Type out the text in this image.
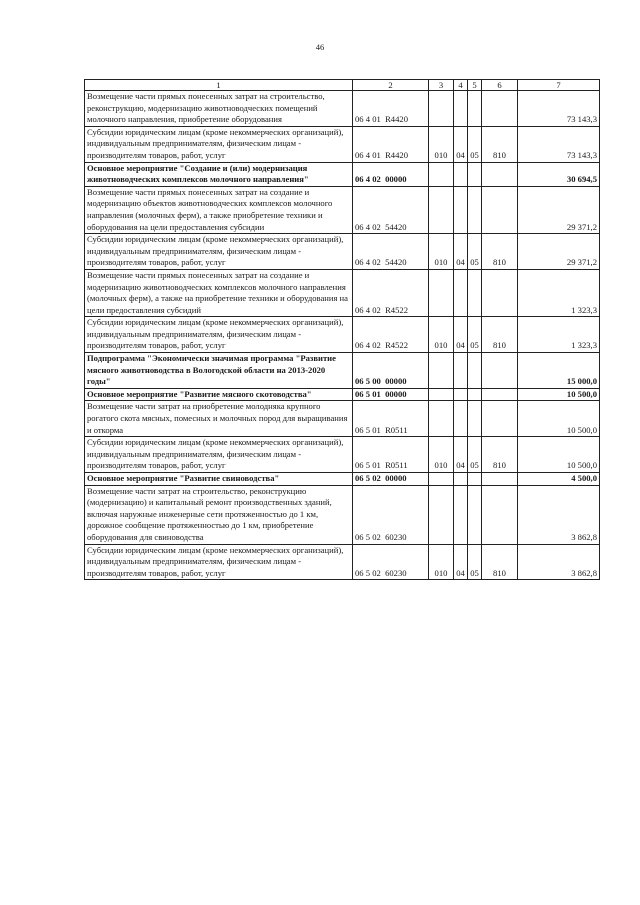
46
1	2	3	4	5	6	7
Возмещение части прямых понесенных затрат на строительство, реконструкцию, модернизацию животноводческих помещений молочного направления, приобретение оборудования	06 4 01  R4420					73 143,3
Субсидии юридическим лицам (кроме некоммерческих организаций), индивидуальным предпринимателям, физическим лицам - производителям товаров, работ, услуг	06 4 01  R4420	010	04	05	810	73 143,3
Основное мероприятие "Создание и (или) модернизация животноводческих комплексов молочного направления"	06 4 02  00000					30 694,5
Возмещение части прямых понесенных затрат на создание и модернизацию объектов животноводческих комплексов молочного направления (молочных ферм), а также приобретение техники и оборудования на цели предоставления субсидии	06 4 02  54420					29 371,2
Субсидии юридическим лицам (кроме некоммерческих организаций), индивидуальным предпринимателям, физическим лицам - производителям товаров, работ, услуг	06 4 02  54420	010	04	05	810	29 371,2
Возмещение части прямых понесенных затрат на создание и модернизацию животноводческих комплексов молочного направления (молочных ферм), а также на приобретение техники и оборудования на цели предоставления субсидий	06 4 02  R4522					1 323,3
Субсидии юридическим лицам (кроме некоммерческих организаций), индивидуальным предпринимателям, физическим лицам - производителям товаров, работ, услуг	06 4 02  R4522	010	04	05	810	1 323,3
Подпрограмма "Экономически значимая программа "Развитие мясного животноводства в Вологодской области на 2013-2020 годы"	06 5 00  00000					15 000,0
Основное мероприятие "Развитие мясного скотоводства"	06 5 01  00000					10 500,0
Возмещение части затрат на приобретение молодняка крупного рогатого скота мясных, помесных и молочных пород для выращивания и откорма	06 5 01  R0511					10 500,0
Субсидии юридическим лицам (кроме некоммерческих организаций), индивидуальным предпринимателям, физическим лицам - производителям товаров, работ, услуг	06 5 01  R0511	010	04	05	810	10 500,0
Основное мероприятие "Развитие свиноводства"	06 5 02  00000					4 500,0
Возмещение части затрат на строительство, реконструкцию (модернизацию) и капитальный ремонт производственных зданий, включая наружные инженерные сети протяженностью до 1 км, дорожное сообщение протяженностью до 1 км, приобретение оборудования для свиноводства	06 5 02  60230					3 862,8
Субсидии юридическим лицам (кроме некоммерческих организаций), индивидуальным предпринимателям, физическим лицам - производителям товаров, работ, услуг	06 5 02  60230	010	04	05	810	3 862,8
